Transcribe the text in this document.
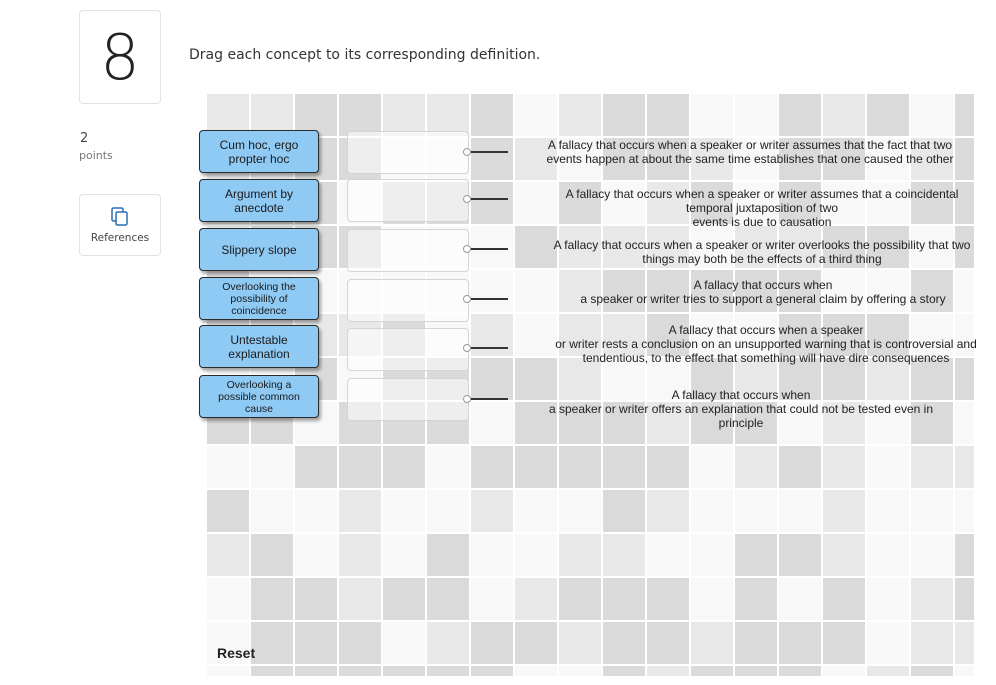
8
2
points
References
Drag each concept to its corresponding definition.
Cum hoc, ergo propter hoc
Argument by anecdote
Slippery slope
Overlooking the possibility of coincidence
Untestable explanation
Overlooking a possible common cause
A fallacy that occurs when a speaker or writer assumes that the fact that two
events happen at about the same time establishes that one caused the other
A fallacy that occurs when a speaker or writer assumes that a coincidental
temporal juxtaposition of two
events is due to causation
A fallacy that occurs when a speaker or writer overlooks the possibility that two
things may both be the effects of a third thing
A fallacy that occurs when
a speaker or writer tries to support a general claim by offering a story
A fallacy that occurs when a speaker
or writer rests a conclusion on an unsupported warning that is controversial and
tendentious, to the effect that something will have dire consequences
A fallacy that occurs when
a speaker or writer offers an explanation that could not be tested even in
principle
Reset
